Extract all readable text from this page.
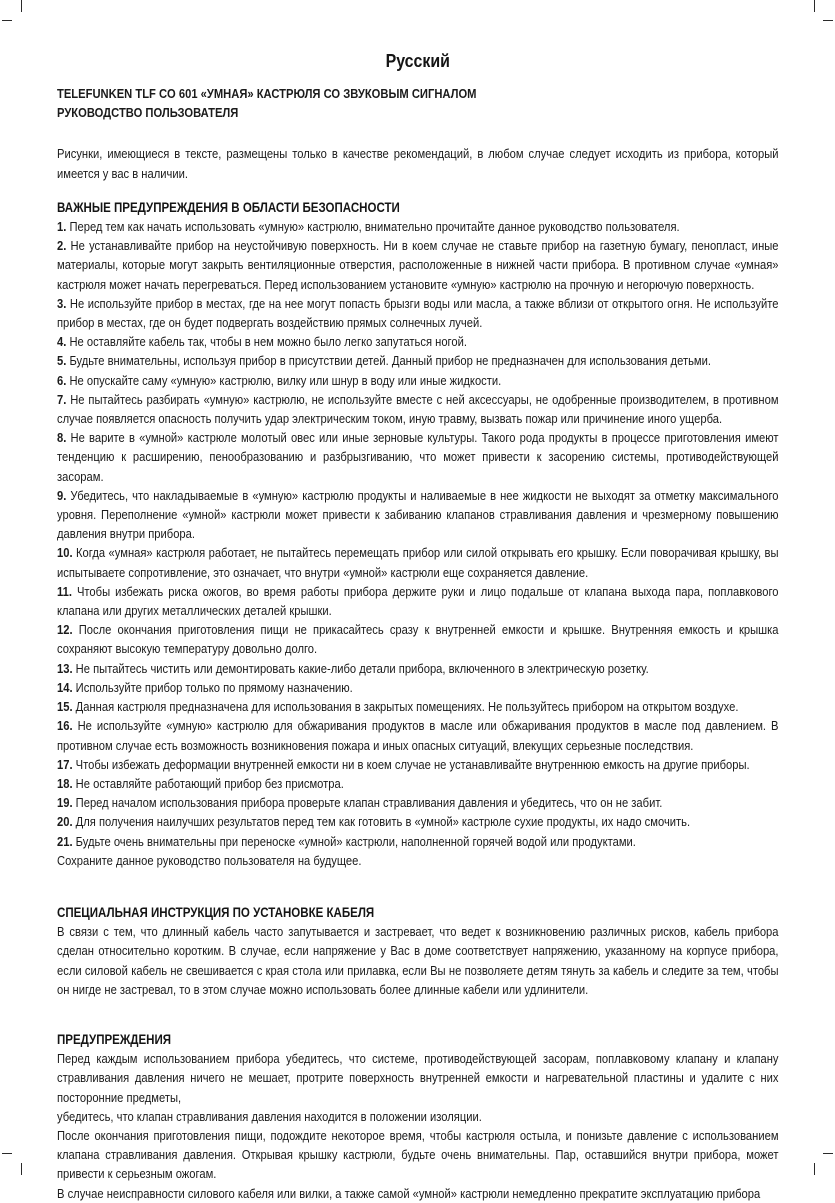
Русский

TELEFUNKEN TLF CO 601 «УМНАЯ» КАСТРЮЛЯ СО ЗВУКОВЫМ СИГНАЛОМ

РУКОВОДСТВО ПОЛЬЗОВАТЕЛЯ

Рисунки, имеющиеся в тексте, размещены только в качестве рекомендаций, в любом случае следует исходить из прибора, который имеется у вас в наличии.

ВАЖНЫЕ ПРЕДУПРЕЖДЕНИЯ В ОБЛАСТИ БЕЗОПАСНОСТИ

1. Перед тем как начать использовать «умную» кастрюлю, внимательно прочитайте данное руководство пользователя.

2. Не устанавливайте прибор на неустойчивую поверхность. Ни в коем случае не ставьте прибор на газетную бумагу, пенопласт, иные материалы, которые могут закрыть вентиляционные отверстия, расположенные в нижней части прибора. В противном случае «умная» кастрюля может начать перегреваться. Перед использованием установите «умную» кастрюлю на прочную и негорючую поверхность.

3. Не используйте прибор в местах, где на нее могут попасть брызги воды или масла, а также вблизи от открытого огня. Не используйте прибор в местах, где он будет подвергать воздействию прямых солнечных лучей.

4. Не оставляйте кабель так, чтобы в нем можно было легко запутаться ногой.

5. Будьте внимательны, используя прибор в присутствии детей. Данный прибор не предназначен для использования детьми.

6. Не опускайте саму «умную» кастрюлю, вилку или шнур в воду или иные жидкости.

7. Не пытайтесь разбирать «умную» кастрюлю, не используйте вместе с ней аксессуары, не одобренные производителем, в противном случае появляется опасность получить удар электрическим током, иную травму, вызвать пожар или причинение иного ущерба.

8. Не варите в «умной» кастрюле молотый овес или иные зерновые культуры. Такого рода продукты в процессе приготовления имеют тенденцию к расширению, пенообразованию и разбрызгиванию, что может привести к засорению системы, противодействующей засорам.

9. Убедитесь, что накладываемые в «умную» кастрюлю продукты и наливаемые в нее жидкости не выходят за отметку максимального уровня. Переполнение «умной» кастрюли может привести к забиванию клапанов стравливания давления и чрезмерному повышению давления внутри прибора.

10. Когда «умная» кастрюля работает, не пытайтесь перемещать прибор или силой открывать его крышку. Если поворачивая крышку, вы испытываете сопротивление, это означает, что внутри «умной» кастрюли еще сохраняется давление.

11. Чтобы избежать риска ожогов, во время работы прибора держите руки и лицо подальше от клапана выхода пара, поплавкового клапана или других металлических деталей крышки.

12. После окончания приготовления пищи не прикасайтесь сразу к внутренней емкости и крышке. Внутренняя емкость и крышка сохраняют высокую температуру довольно долго.

13. Не пытайтесь чистить или демонтировать какие-либо детали прибора, включенного в электрическую розетку.

14. Используйте прибор только по прямому назначению.

15. Данная кастрюля предназначена для использования в закрытых помещениях. Не пользуйтесь прибором на открытом воздухе.

16. Не используйте «умную» кастрюлю для обжаривания продуктов в масле или обжаривания продуктов в масле под давлением. В противном случае есть возможность возникновения пожара и иных опасных ситуаций, влекущих серьезные последствия.

17. Чтобы избежать деформации внутренней емкости ни в коем случае не устанавливайте внутреннюю емкость на другие приборы.

18. Не оставляйте работающий прибор без присмотра.

19. Перед началом использования прибора проверьте клапан стравливания давления и убедитесь, что он не забит.

20. Для получения наилучших результатов перед тем как готовить в «умной» кастрюле сухие продукты, их надо смочить.

21. Будьте очень внимательны при переноске «умной» кастрюли, наполненной горячей водой или продуктами.

Сохраните данное руководство пользователя на будущее.

СПЕЦИАЛЬНАЯ ИНСТРУКЦИЯ ПО УСТАНОВКЕ КАБЕЛЯ

В связи с тем, что длинный кабель часто запутывается и застревает, что ведет к возникновению различных рисков, кабель прибора сделан относительно коротким. В случае, если напряжение у Вас в доме соответствует напряжению, указанному на корпусе прибора, если силовой кабель не свешивается с края стола или прилавка, если Вы не позволяете детям тянуть за кабель и следите за тем, чтобы он нигде не застревал, то в этом случае можно использовать более длинные кабели или удлинители.

ПРЕДУПРЕЖДЕНИЯ

Перед каждым использованием прибора убедитесь, что системе, противодействующей засорам, поплавковому клапану и клапану стравливания давления ничего не мешает, протрите поверхность внутренней емкости и нагревательной пластины и удалите с них посторонние предметы,

убедитесь, что клапан стравливания давления находится в положении изоляции.

После окончания приготовления пищи, подождите некоторое время, чтобы кастрюля остыла, и понизьте давление с использованием клапана стравливания давления. Открывая крышку кастрюли, будьте очень внимательны. Пар, оставшийся внутри прибора, может привести к серьезным ожогам.

В случае неисправности силового кабеля или вилки, а также самой «умной» кастрюли немедленно прекратите эксплуатацию прибора
